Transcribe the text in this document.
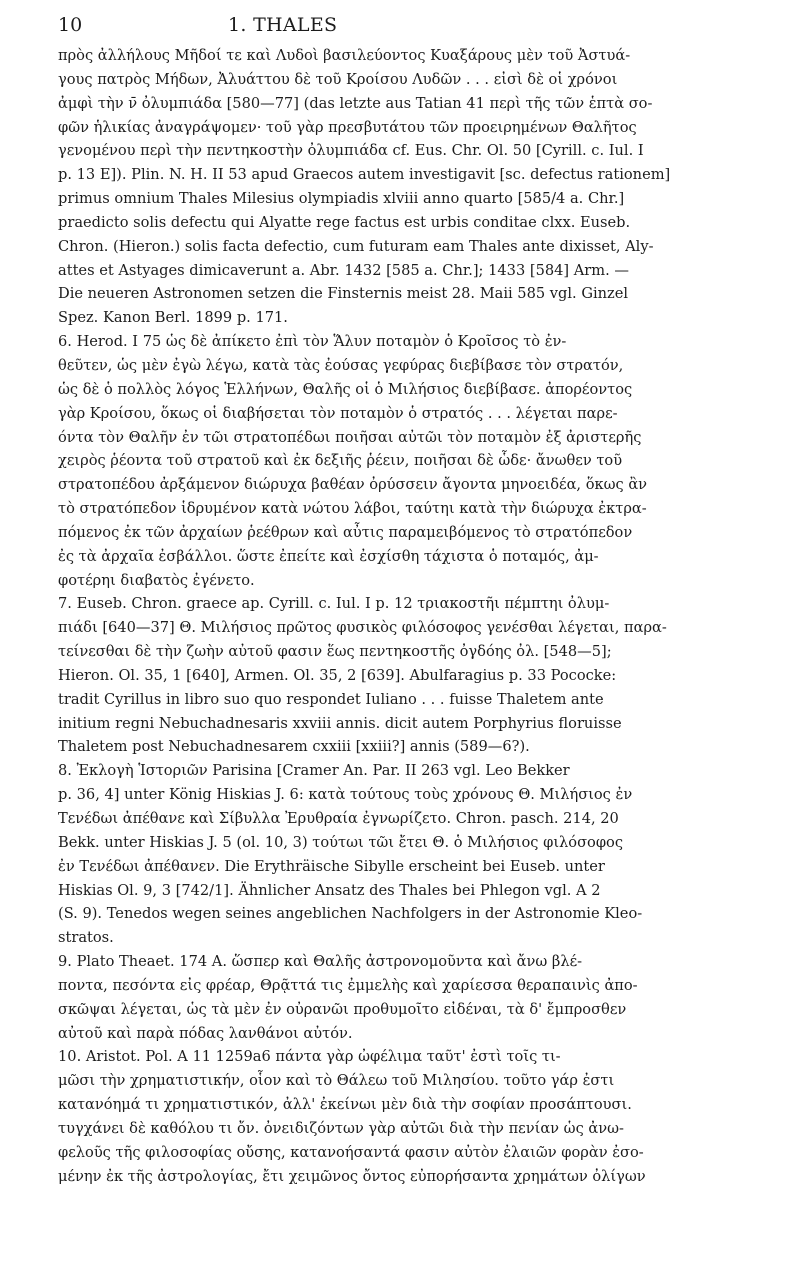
10	1. THALES

πρὸς ἀλλήλους Μῆδοί τε καὶ Λυδοὶ βασιλεύοντος Κυαξάρους μὲν τοῦ Ἀστυά-
γους πατρὸς Μήδων, Ἀλυάττου δὲ τοῦ Κροίσου Λυδῶν . . . εἰσὶ δὲ οἱ χρόνοι
ἀμφὶ τὴν ν̄ ὀλυμπιάδα [580—77] (das letzte aus Tatian 41 περὶ τῆς τῶν ἑπτὰ σο-
φῶν ἡλικίας ἀναγράψομεν· τοῦ γὰρ πρεσβυτάτου τῶν προειρημένων Θαλῆτος
γενομένου περὶ τὴν πεντηκοστὴν ὀλυμπιάδα cf. Eus. Chr. Ol. 50 [Cyrill. c. Iul. I
p. 13 E]). Plin. N. H. II 53 apud Graecos autem investigavit [sc. defectus rationem]
primus omnium Thales Milesius olympiadis xlviii anno quarto [585/4 a. Chr.]
praedicto solis defectu qui Alyatte rege factus est urbis conditae clxx. Euseb.
Chron. (Hieron.) solis facta defectio, cum futuram eam Thales ante dixisset, Aly-
attes et Astyages dimicaverunt a. Abr. 1432 [585 a. Chr.]; 1433 [584] Arm. —
Die neueren Astronomen setzen die Finsternis meist 28. Maii 585 vgl. Ginzel
Spez. Kanon Berl. 1899 p. 171.

6. Herod. I 75 ὡς δὲ ἀπίκετο ἐπὶ τὸν Ἅλυν ποταμὸν ὁ Κροῖσος τὸ ἐν-
θεῦτεν, ὡς μὲν ἐγὼ λέγω, κατὰ τὰς ἐούσας γεφύρας διεβίβασε τὸν στρατόν,
ὡς δὲ ὁ πολλὸς λόγος Ἑλλήνων, Θαλῆς οἱ ὁ Μιλήσιος διεβίβασε. ἀπορέοντος
γὰρ Κροίσου, ὅκως οἱ διαβήσεται τὸν ποταμὸν ὁ στρατός . . . λέγεται παρε-
όντα τὸν Θαλῆν ἐν τῶι στρατοπέδωι ποιῆσαι αὐτῶι τὸν ποταμὸν ἐξ ἀριστερῆς
χειρὸς ῥέοντα τοῦ στρατοῦ καὶ ἐκ δεξιῆς ῥέειν, ποιῆσαι δὲ ὧδε· ἄνωθεν τοῦ
στρατοπέδου ἀρξάμενον διώρυχα βαθέαν ὀρύσσειν ἄγοντα μηνοειδέα, ὅκως ἂν
τὸ στρατόπεδον ἱδρυμένον κατὰ νώτου λάβοι, ταύτηι κατὰ τὴν διώρυχα ἐκτρα-
πόμενος ἐκ τῶν ἀρχαίων ῥεέθρων καὶ αὖτις παραμειβόμενος τὸ στρατόπεδον
ἐς τὰ ἀρχαῖα ἐσβάλλοι. ὥστε ἐπείτε καὶ ἐσχίσθη τάχιστα ὁ ποταμός, ἀμ-
φοτέρηι διαβατὸς ἐγένετο.

7. Euseb. Chron. graece ap. Cyrill. c. Iul. I p. 12 τριακοστῆι πέμπτηι ὀλυμ-
πιάδι [640—37] Θ. Μιλήσιος πρῶτος φυσικὸς φιλόσοφος γενέσθαι λέγεται, παρα-
τείνεσθαι δὲ τὴν ζωὴν αὐτοῦ φασιν ἕως πεντηκοστῆς ὀγδόης ὀλ. [548—5];
Hieron. Ol. 35, 1 [640], Armen. Ol. 35, 2 [639]. Abulfaragius p. 33 Pococke:
tradit Cyrillus in libro suo quo respondet Iuliano . . . fuisse Thaletem ante
initium regni Nebuchadnesaris xxviii annis. dicit autem Porphyrius floruisse
Thaletem post Nebuchadnesarem cxxiii [xxiii?] annis (589—6?).

8. Ἐκλογὴ Ἱστοριῶν Parisina [Cramer An. Par. II 263 vgl. Leo Bekker
p. 36, 4] unter König Hiskias J. 6: κατὰ τούτους τοὺς χρόνους Θ. Μιλήσιος ἐν
Τενέδωι ἀπέθανε καὶ Σίβυλλα Ἐρυθραία ἐγνωρίζετο. Chron. pasch. 214, 20
Bekk. unter Hiskias J. 5 (ol. 10, 3) τούτωι τῶι ἔτει Θ. ὁ Μιλήσιος φιλόσοφος
ἐν Τενέδωι ἀπέθανεν. Die Erythräische Sibylle erscheint bei Euseb. unter
Hiskias Ol. 9, 3 [742/1]. Ähnlicher Ansatz des Thales bei Phlegon vgl. A 2
(S. 9). Tenedos wegen seines angeblichen Nachfolgers in der Astronomie Kleo-
stratos.

9. Plato Theaet. 174 A. ὥσπερ καὶ Θαλῆς ἀστρονομοῦντα καὶ ἄνω βλέ-
ποντα, πεσόντα εἰς φρέαρ, Θρᾷττά τις ἐμμελὴς καὶ χαρίεσσα θεραπαινὶς ἀπο-
σκῶψαι λέγεται, ὡς τὰ μὲν ἐν οὐρανῶι προθυμοῖτο εἰδέναι, τὰ δ' ἔμπροσθεν
αὐτοῦ καὶ παρὰ πόδας λανθάνοι αὐτόν.

10. Aristot. Pol. A 11 1259a6 πάντα γὰρ ὠφέλιμα ταῦτ' ἐστὶ τοῖς τι-
μῶσι τὴν χρηματιστικήν, οἷον καὶ τὸ Θάλεω τοῦ Μιλησίου. τοῦτο γάρ ἐστι
κατανόημά τι χρηματιστικόν, ἀλλ' ἐκείνωι μὲν διὰ τὴν σοφίαν προσάπτουσι.
τυγχάνει δὲ καθόλου τι ὄν. ὀνειδιζόντων γὰρ αὐτῶι διὰ τὴν πενίαν ὡς ἀνω-
φελοῦς τῆς φιλοσοφίας οὔσης, κατανοήσαντά φασιν αὐτὸν ἐλαιῶν φορὰν ἐσο-
μένην ἐκ τῆς ἀστρολογίας, ἔτι χειμῶνος ὄντος εὐπορήσαντα χρημάτων ὀλίγων
